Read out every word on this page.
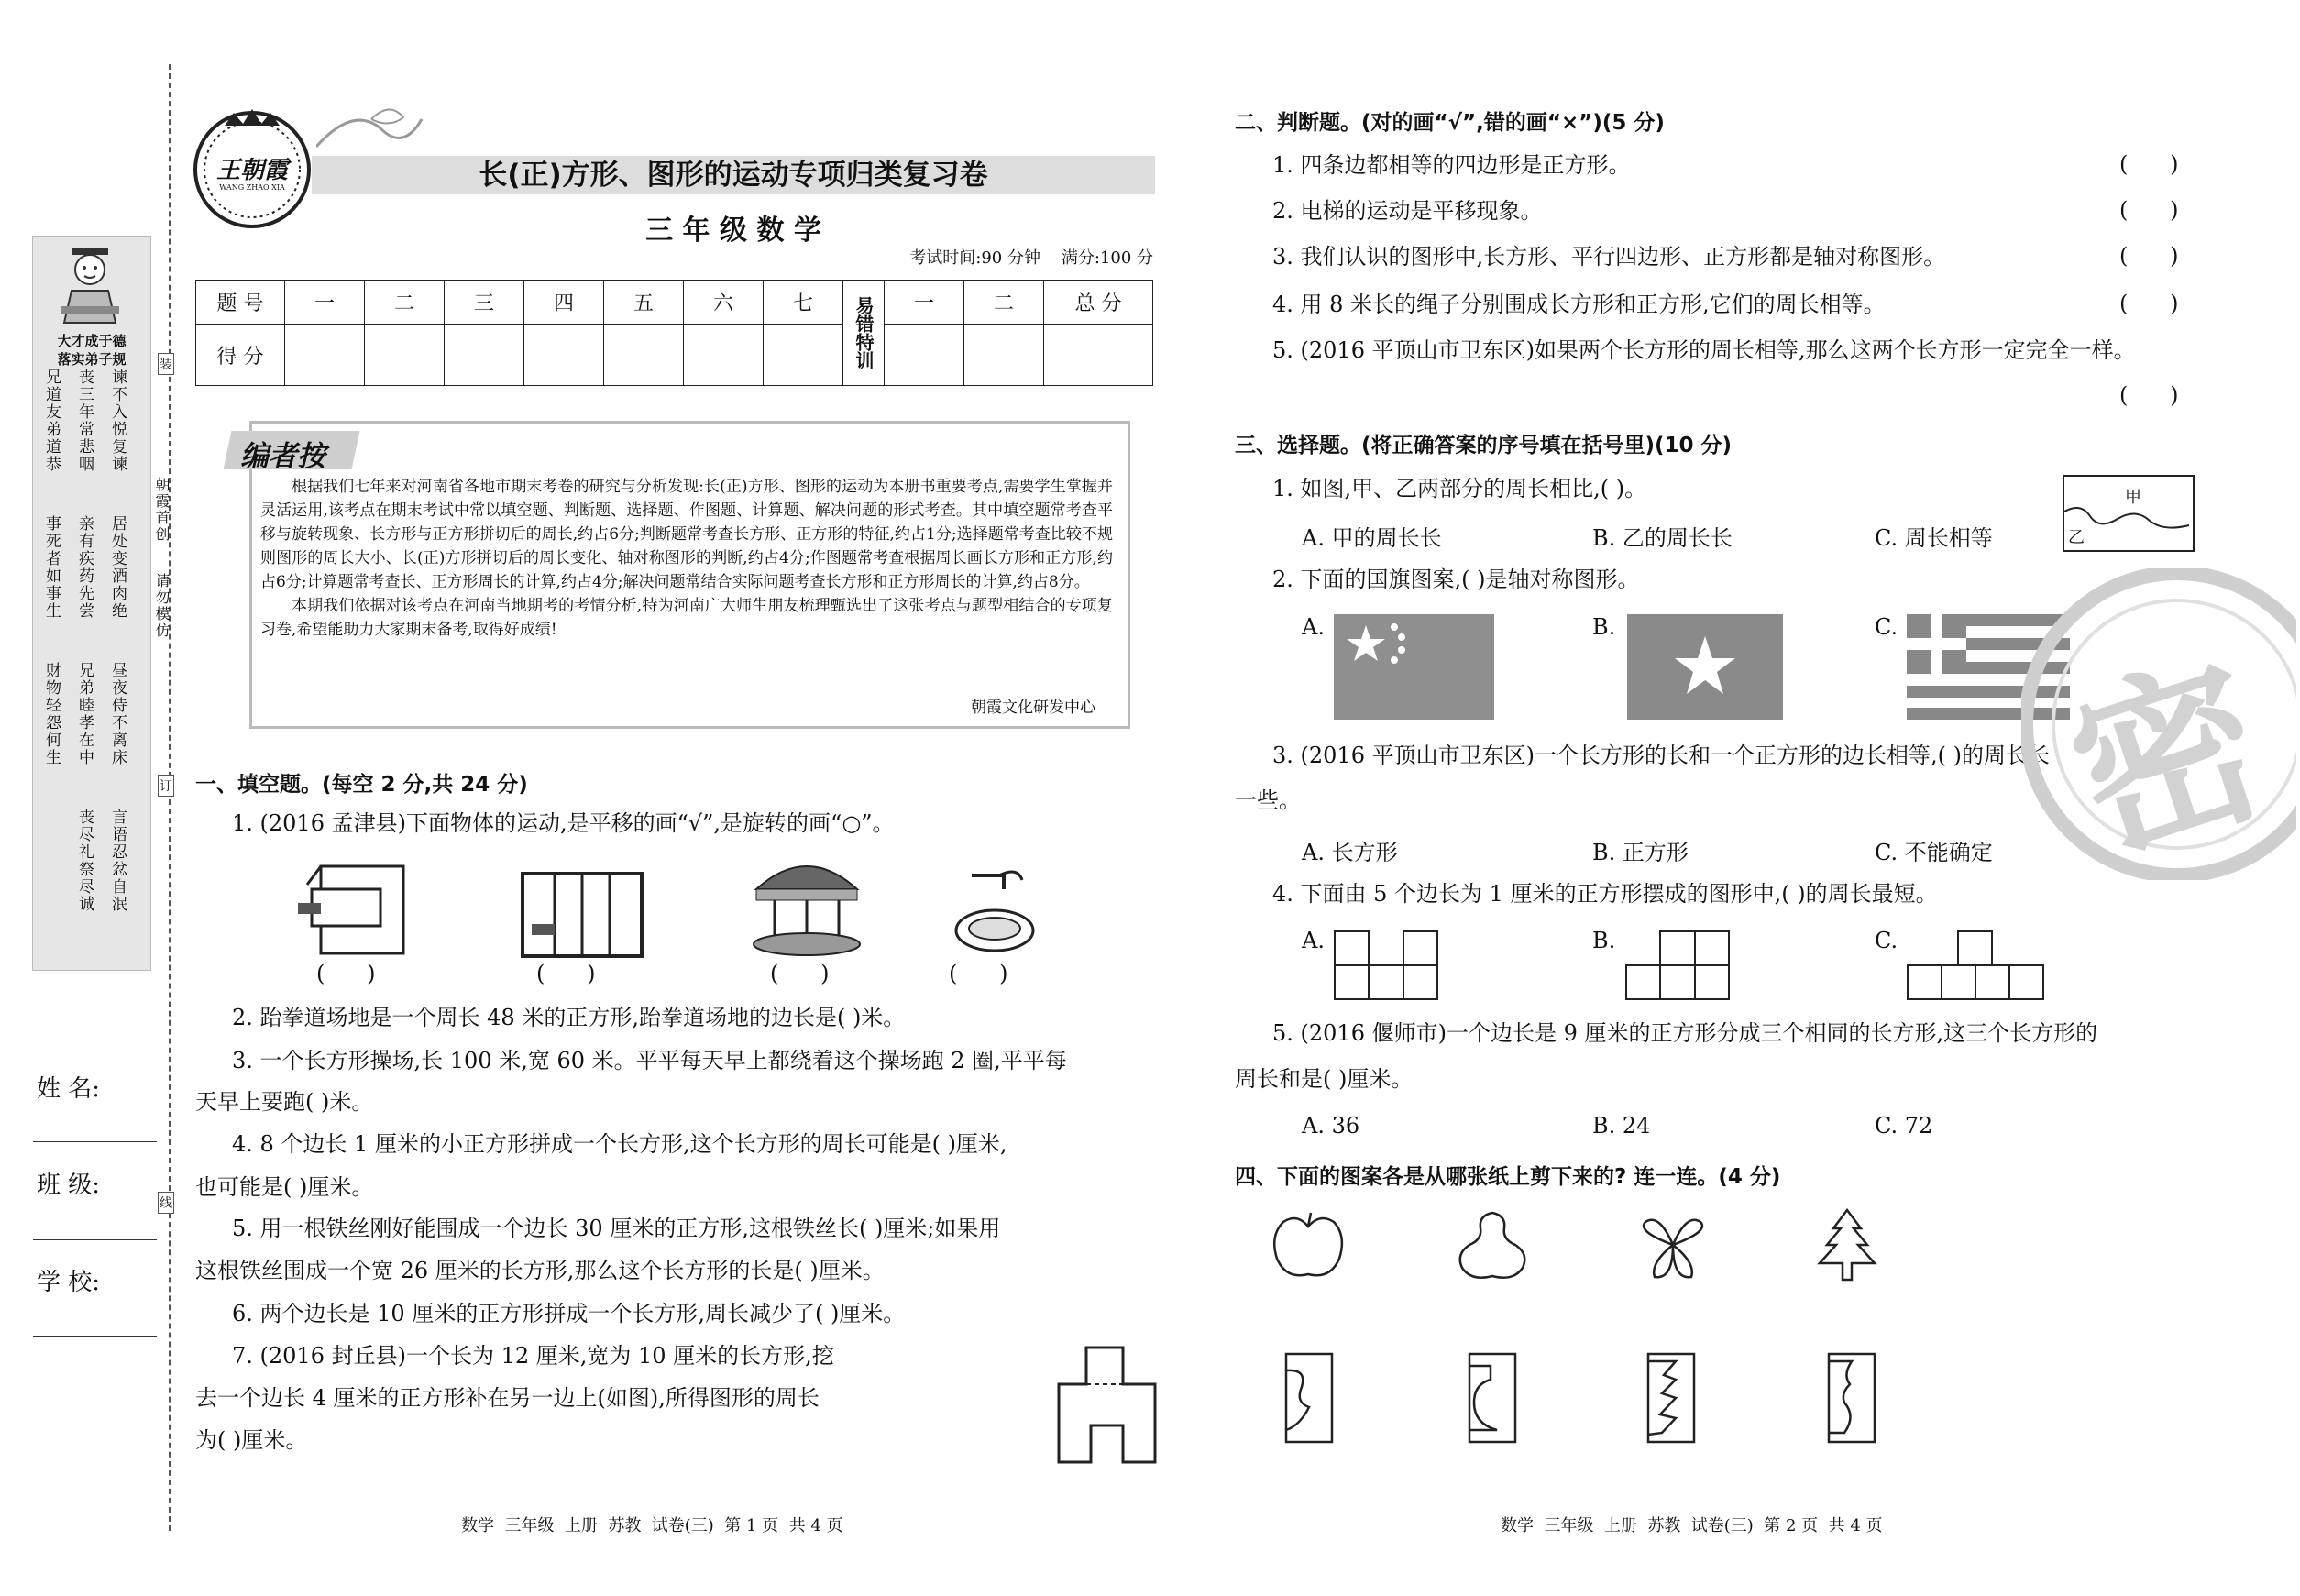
大才成于德
落实弟子规
谏不入悦复谏
丧三年常悲咽
兄道友弟道恭
居处变酒肉绝
亲有疾药先尝
事死者如事生
昼夜侍不离床
兄弟睦孝在中
财物轻怨何生
言语忍忿自泯
丧尽礼祭尽诚
姓 名:
班 级:
学 校:
装
订
线
朝霞首创
请勿模仿
王朝霞
WANG ZHAO XIA	长(正)方形、图形的运动专项归类复习卷
三 年 级 数 学
考试时间:90 分钟    满分:100 分
题 号	一	二	三	四	五	六	七	易错特训	一	二	总 分
得 分											
编者按

根据我们七年来对河南省各地市期末考卷的研究与分析发现:长(正)方形、图形的运动为本册书重要考点,需要学生掌握并灵活运用,该考点在期末考试中常以填空题、判断题、选择题、作图题、计算题、解决问题的形式考查。其中填空题常考查平移与旋转现象、长方形与正方形拼切后的周长,约占6分;判断题常考查长方形、正方形的特征,约占1分;选择题常考查比较不规则图形的周长大小、长(正)方形拼切后的周长变化、轴对称图形的判断,约占4分;作图题常考查根据周长画长方形和正方形,约占6分;计算题常考查长、正方形周长的计算,约占4分;解决问题常结合实际问题考查长方形和正方形周长的计算,约占8分。

本期我们依据对该考点在河南当地期考的考情分析,特为河南广大师生朋友梳理甄选出了这张考点与题型相结合的专项复习卷,希望能助力大家期末备考,取得好成绩!

朝霞文化研发中心
一、填空题。(每空 2 分,共 24 分)
1. (2016 孟津县)下面物体的运动,是平移的画“√”,是旋转的画“○”。
(      )	(      )	(      )	(      )
2. 跆拳道场地是一个周长 48 米的正方形,跆拳道场地的边长是( )米。
3. 一个长方形操场,长 100 米,宽 60 米。平平每天早上都绕着这个操场跑 2 圈,平平每
天早上要跑( )米。
4. 8 个边长 1 厘米的小正方形拼成一个长方形,这个长方形的周长可能是( )厘米,
也可能是( )厘米。
5. 用一根铁丝刚好能围成一个边长 30 厘米的正方形,这根铁丝长( )厘米;如果用
这根铁丝围成一个宽 26 厘米的长方形,那么这个长方形的长是( )厘米。
6. 两个边长是 10 厘米的正方形拼成一个长方形,周长减少了( )厘米。
7. (2016 封丘县)一个长为 12 厘米,宽为 10 厘米的长方形,挖
去一个边长 4 厘米的正方形补在另一边上(如图),所得图形的周长
为( )厘米。
二、判断题。(对的画“√”,错的画“×”)(5 分)
1. 四条边都相等的四边形是正方形。	(      )
2. 电梯的运动是平移现象。	(      )
3. 我们认识的图形中,长方形、平行四边形、正方形都是轴对称图形。	(      )
4. 用 8 米长的绳子分别围成长方形和正方形,它们的周长相等。	(      )
5. (2016 平顶山市卫东区)如果两个长方形的周长相等,那么这两个长方形一定完全一样。
(      )
三、选择题。(将正确答案的序号填在括号里)(10 分)
1. 如图,甲、乙两部分的周长相比,( )。	甲
乙
A. 甲的周长长	B. 乙的周长长	C. 周长相等
2. 下面的国旗图案,( )是轴对称图形。
A.	B.	C.
3. (2016 平顶山市卫东区)一个长方形的长和一个正方形的边长相等,( )的周长长
一些。
A. 长方形	B. 正方形	C. 不能确定
4. 下面由 5 个边长为 1 厘米的正方形摆成的图形中,( )的周长最短。
A.	B.	C.
5. (2016 偃师市)一个边长是 9 厘米的正方形分成三个相同的长方形,这三个长方形的
周长和是( )厘米。
A. 36	B. 24	C. 72
四、下面的图案各是从哪张纸上剪下来的? 连一连。(4 分)
密
数学  三年级  上册  苏教  试卷(三)  第 1 页  共 4 页	数学  三年级  上册  苏教  试卷(三)  第 2 页  共 4 页
